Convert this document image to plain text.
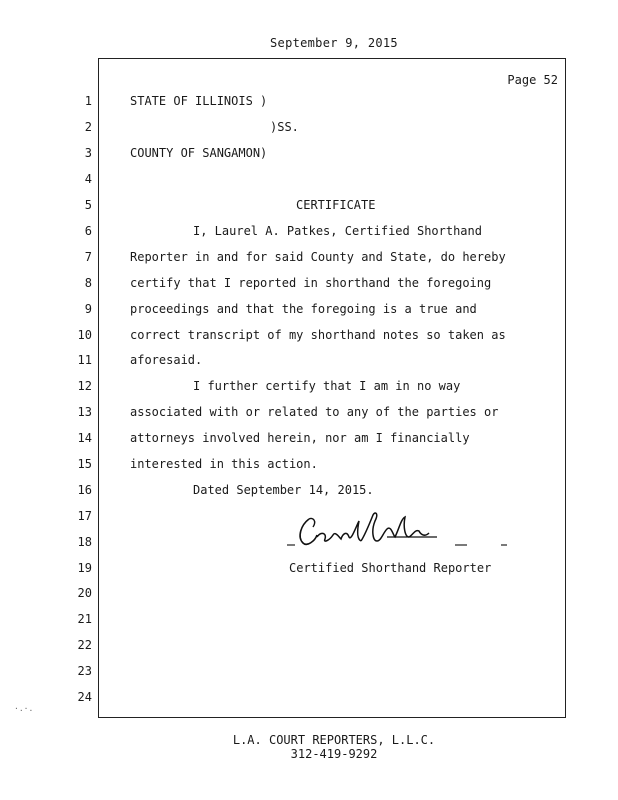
September 9, 2015
Page 52
1
2
3
4
5
6
7
8
9
10
11
12
13
14
15
16
17
18
19
20
21
22
23
24
STATE OF ILLINOIS )
)SS.
COUNTY OF SANGAMON)
CERTIFICATE
I, Laurel A. Patkes, Certified Shorthand
Reporter in and for said County and State, do hereby
certify that I reported in shorthand the foregoing
proceedings and that the foregoing is a true and
correct transcript of my shorthand notes so taken as
aforesaid.
I further certify that I am in no way
associated with or related to any of the parties or
attorneys involved herein, nor am I financially
interested in this action.
Dated September 14, 2015.
Certified Shorthand Reporter
L.A. COURT REPORTERS, L.L.C.
312-419-9292
·.·.
